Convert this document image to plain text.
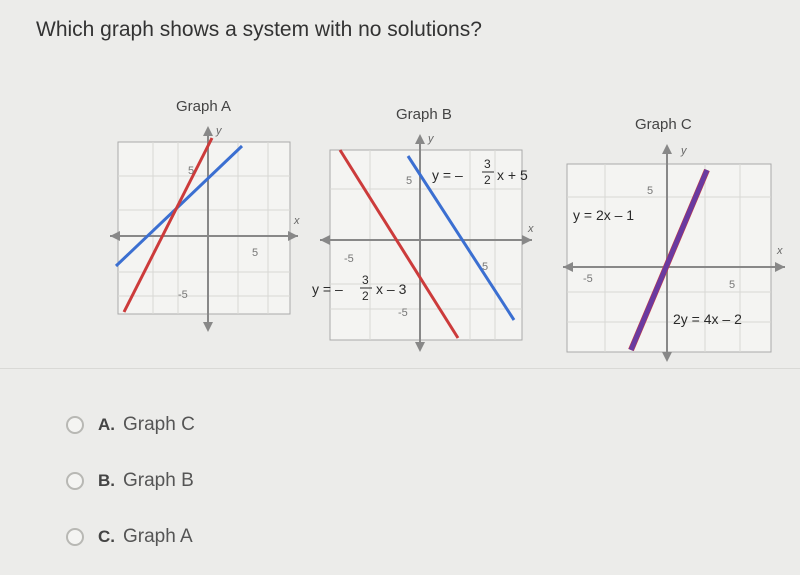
Which graph shows a system with no solutions?
Graph A
y
x
5
-5
5
Graph B
y
x
5
-5
5
-5
y = –
3
2 x + 5
y = –
3
2 x – 3
Graph C
y
x
5
5
-5
y = 2x – 1
2y = 4x – 2
A. Graph C
B. Graph B
C. Graph A
